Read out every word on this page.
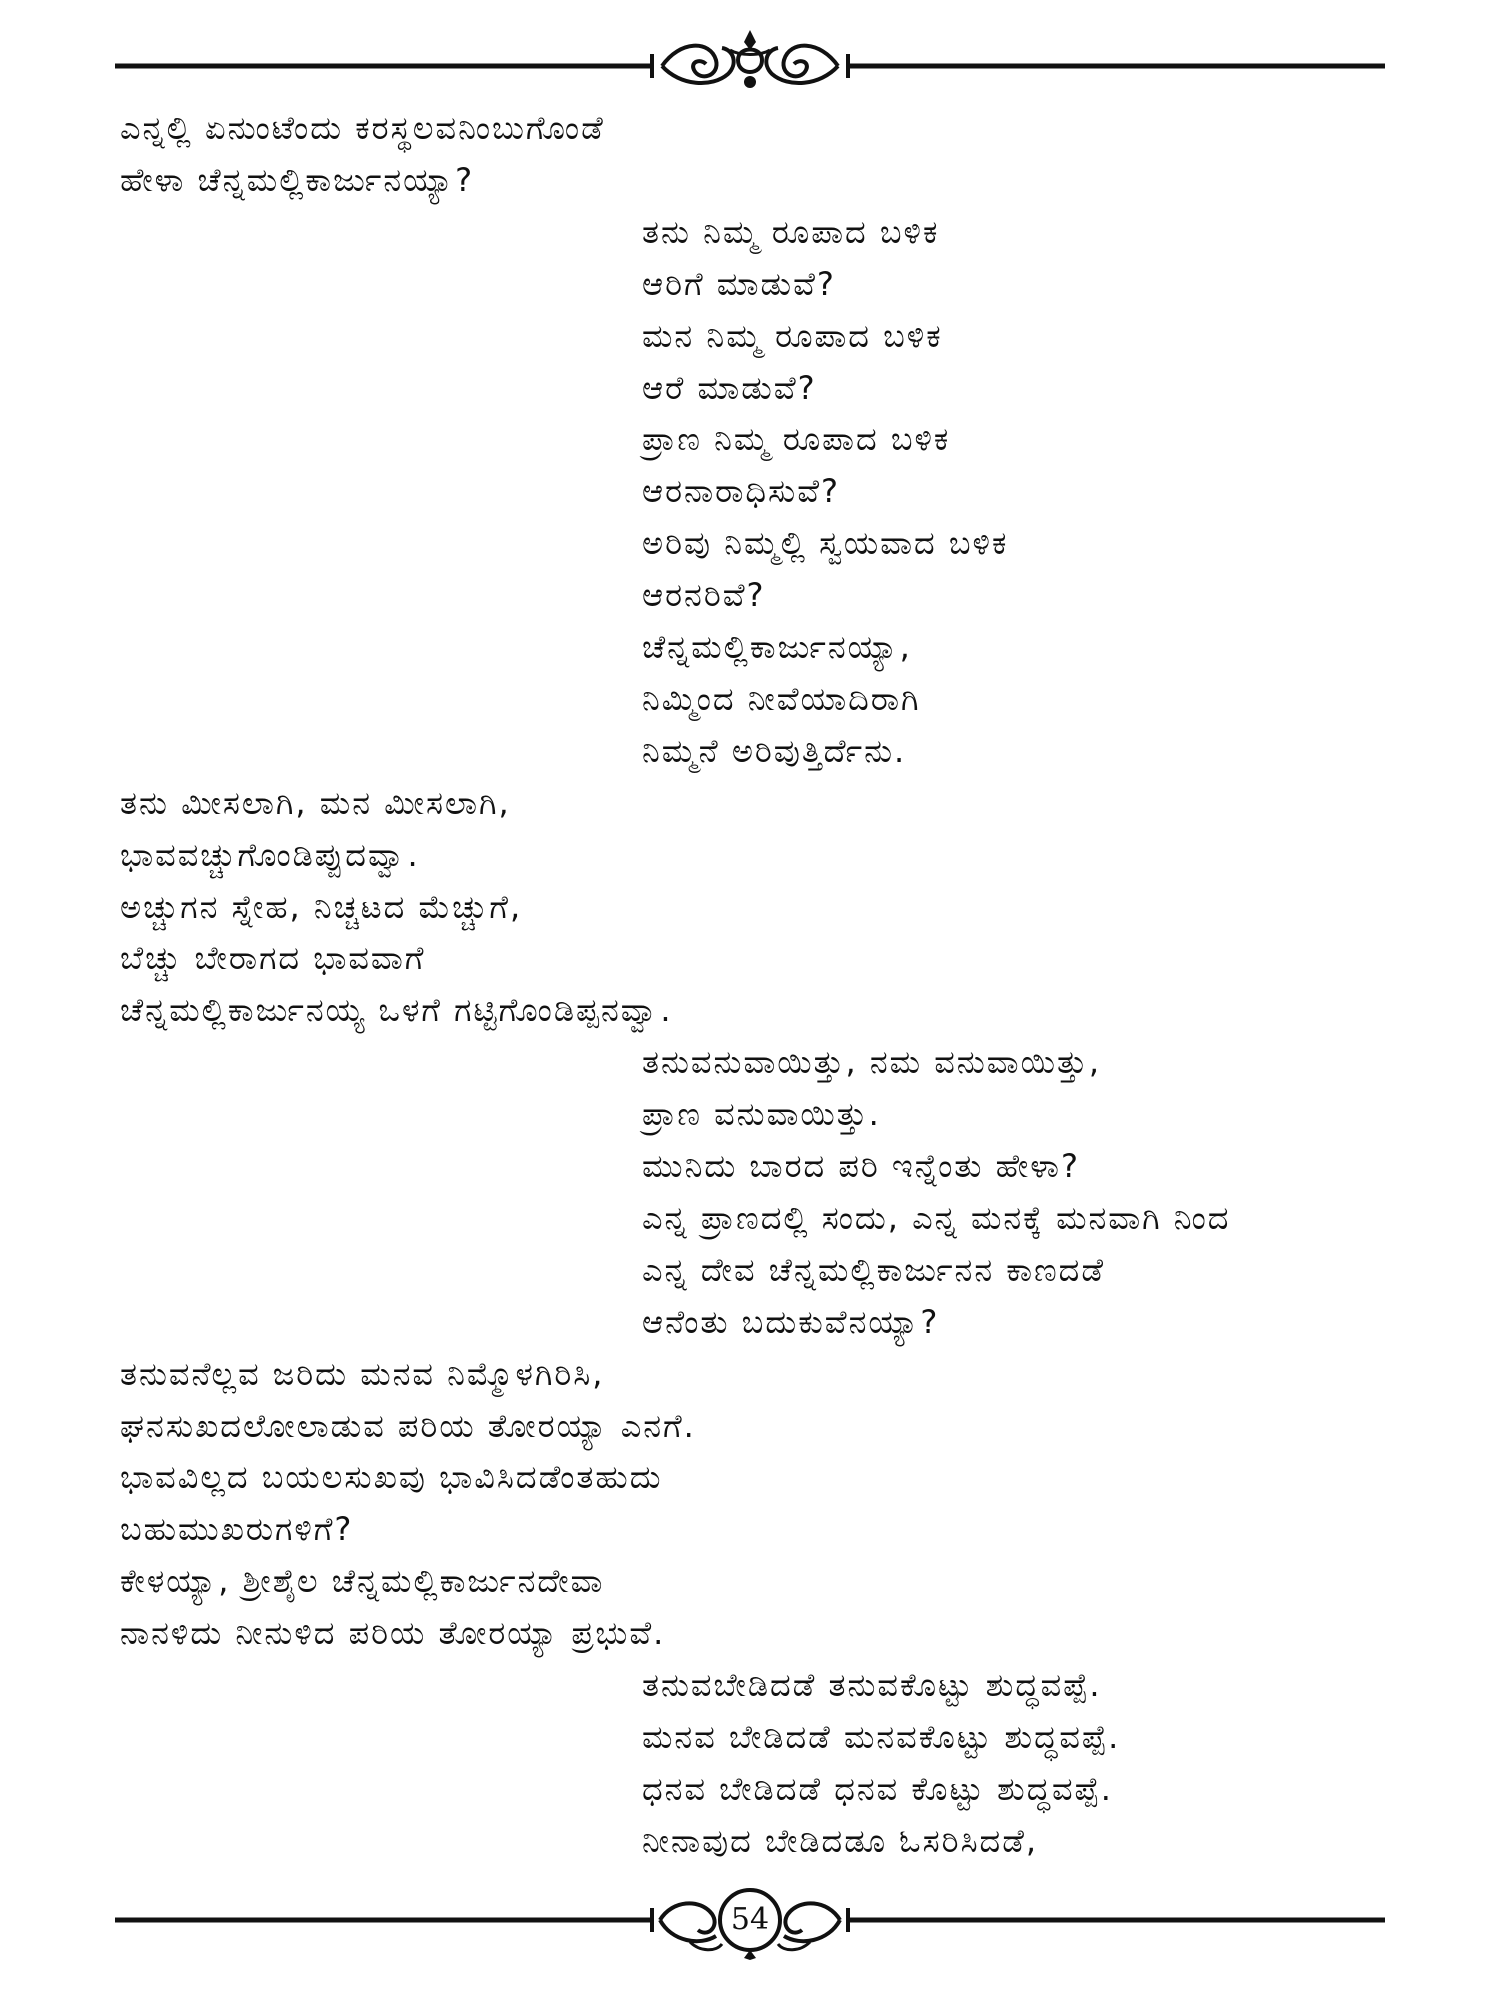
ಎನ್ನಲ್ಲಿ ಏನುಂಟೆಂದು ಕರಸ್ಥಲವನಿಂಬುಗೊಂಡೆ
ಹೇಳಾ ಚೆನ್ನಮಲ್ಲಿಕಾರ್ಜುನಯ್ಯಾ?
ತನು ನಿಮ್ಮ ರೂಪಾದ ಬಳಿಕ
ಆರಿಗೆ ಮಾಡುವೆ?
ಮನ ನಿಮ್ಮ ರೂಪಾದ ಬಳಿಕ
ಆರೆ ಮಾಡುವೆ?
ಪ್ರಾಣ ನಿಮ್ಮ ರೂಪಾದ ಬಳಿಕ
ಆರನಾರಾಧಿಸುವೆ?
ಅರಿವು ನಿಮ್ಮಲ್ಲಿ ಸ್ವಯವಾದ ಬಳಿಕ
ಆರನರಿವೆ?
ಚೆನ್ನಮಲ್ಲಿಕಾರ್ಜುನಯ್ಯಾ,
ನಿಮ್ಮಿಂದ ನೀವೆಯಾದಿರಾಗಿ
ನಿಮ್ಮನೆ ಅರಿವುತ್ತಿರ್ದೆನು.
ತನು ಮೀಸಲಾಗಿ, ಮನ ಮೀಸಲಾಗಿ,
ಭಾವವಚ್ಚುಗೊಂಡಿಪ್ಪುದವ್ವಾ.
ಅಚ್ಚುಗನ ಸ್ನೇಹ, ನಿಚ್ಚಟದ ಮೆಚ್ಚುಗೆ,
ಬೆಚ್ಚು ಬೇರಾಗದ ಭಾವವಾಗೆ
ಚೆನ್ನಮಲ್ಲಿಕಾರ್ಜುನಯ್ಯ ಒಳಗೆ ಗಟ್ಟಿಗೊಂಡಿಪ್ಪನವ್ವಾ.
ತನುವನುವಾಯಿತ್ತು, ನಮ ವನುವಾಯಿತ್ತು,
ಪ್ರಾಣ ವನುವಾಯಿತ್ತು.
ಮುನಿದು ಬಾರದ ಪರಿ ಇನ್ನೆಂತು ಹೇಳಾ?
ಎನ್ನ ಪ್ರಾಣದಲ್ಲಿ ಸಂದು, ಎನ್ನ ಮನಕ್ಕೆ ಮನವಾಗಿ ನಿಂದ
ಎನ್ನ ದೇವ ಚೆನ್ನಮಲ್ಲಿಕಾರ್ಜುನನ ಕಾಣದಡೆ
ಆನೆಂತು ಬದುಕುವೆನಯ್ಯಾ?
ತನುವನೆಲ್ಲವ ಜರಿದು ಮನವ ನಿಮ್ಮೊಳಗಿರಿಸಿ,
ಘನಸುಖದಲೋಲಾಡುವ ಪರಿಯ ತೋರಯ್ಯಾ ಎನಗೆ.
ಭಾವವಿಲ್ಲದ ಬಯಲಸುಖವು ಭಾವಿಸಿದಡೆಂತಹುದು
ಬಹುಮುಖರುಗಳಿಗೆ?
ಕೇಳಯ್ಯಾ, ಶ್ರೀಶೈಲ ಚೆನ್ನಮಲ್ಲಿಕಾರ್ಜುನದೇವಾ
ನಾನಳಿದು ನೀನುಳಿದ ಪರಿಯ ತೋರಯ್ಯಾ ಪ್ರಭುವೆ.
ತನುವಬೇಡಿದಡೆ ತನುವಕೊಟ್ಟು ಶುದ್ಧವಪ್ಪೆ.
ಮನವ ಬೇಡಿದಡೆ ಮನವಕೊಟ್ಟು ಶುದ್ಧವಪ್ಪೆ.
ಧನವ ಬೇಡಿದಡೆ ಧನವ ಕೊಟ್ಟು ಶುದ್ಧವಪ್ಪೆ.
ನೀನಾವುದ ಬೇಡಿದಡೂ ಓಸರಿಸಿದಡೆ,
54
